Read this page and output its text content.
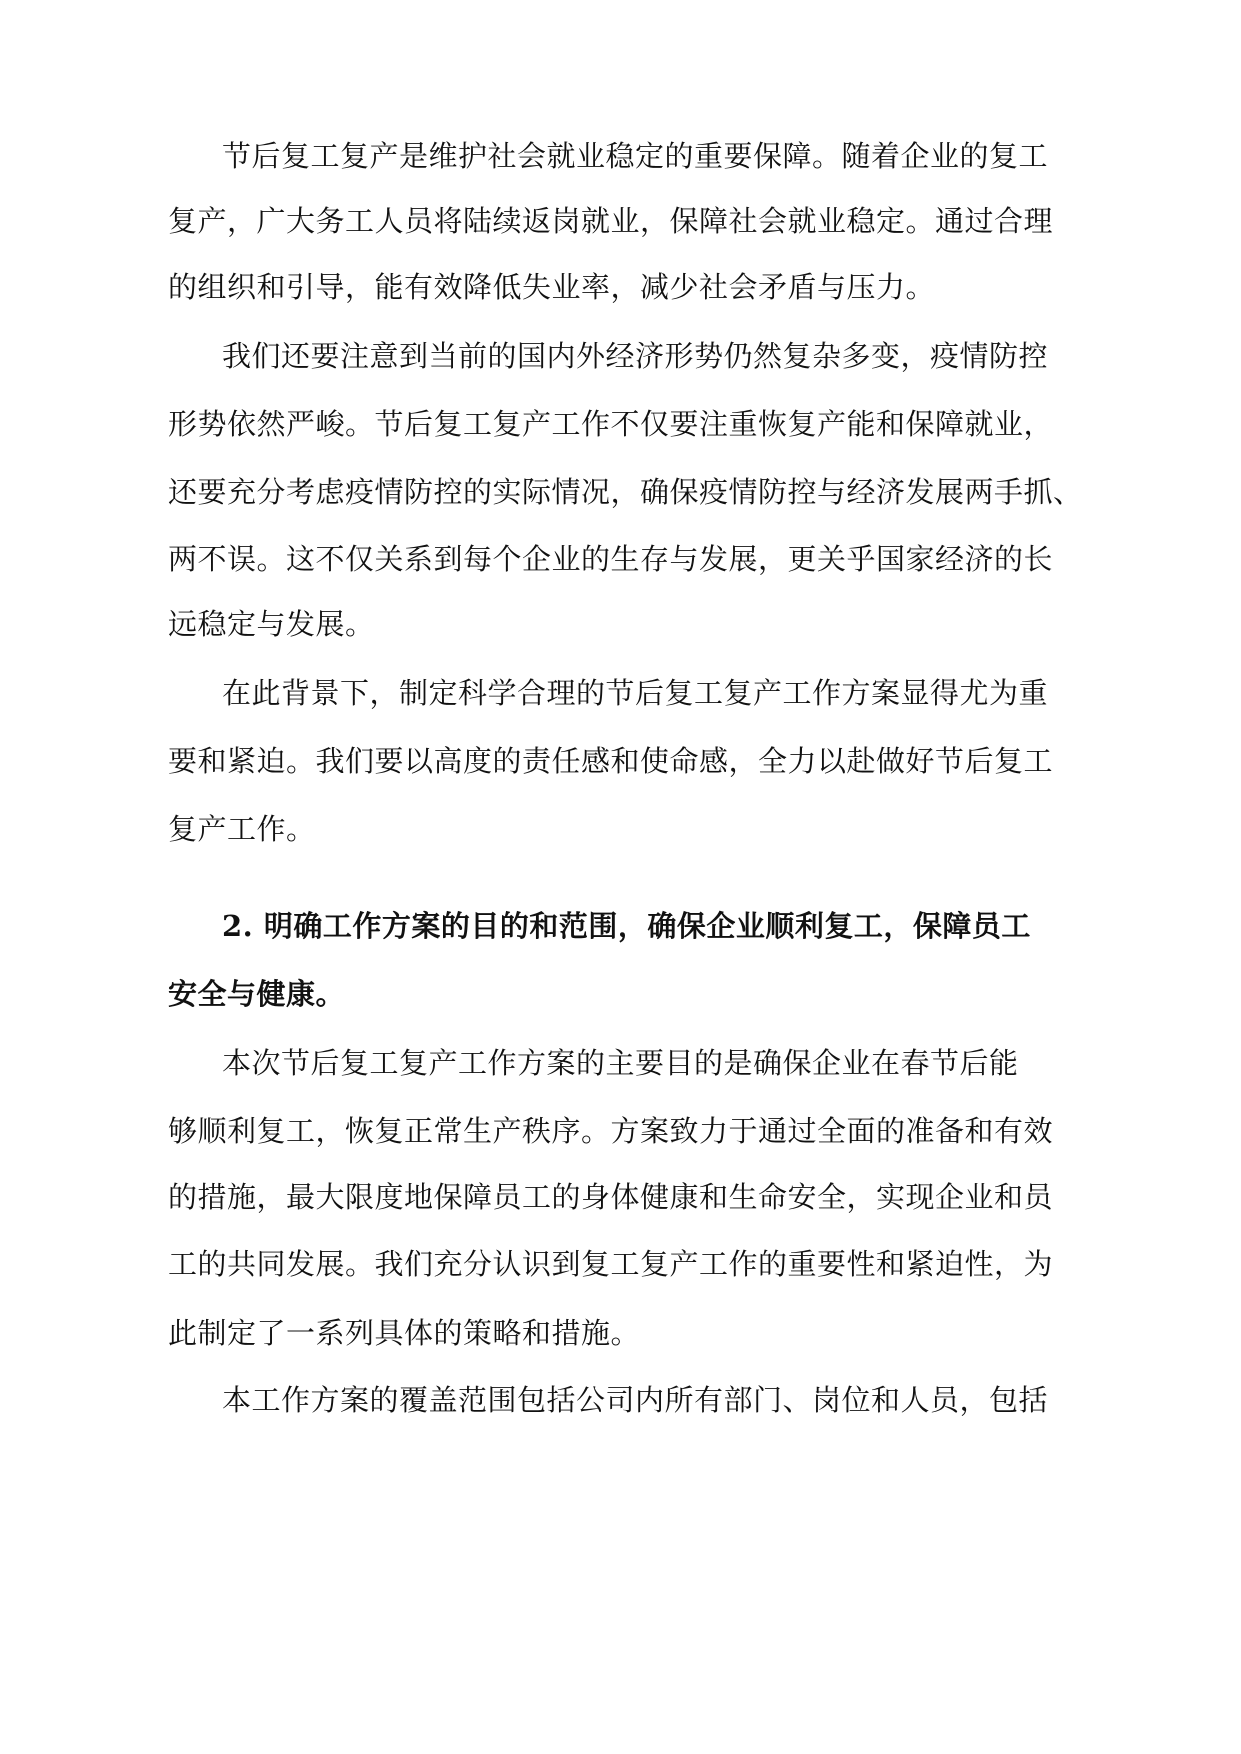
节后复工复产是维护社会就业稳定的重要保障。随着企业的复工
复产，广大务工人员将陆续返岗就业，保障社会就业稳定。通过合理
的组织和引导，能有效降低失业率，减少社会矛盾与压力。
我们还要注意到当前的国内外经济形势仍然复杂多变，疫情防控
形势依然严峻。节后复工复产工作不仅要注重恢复产能和保障就业，
还要充分考虑疫情防控的实际情况，确保疫情防控与经济发展两手抓、
两不误。这不仅关系到每个企业的生存与发展，更关乎国家经济的长
远稳定与发展。
在此背景下，制定科学合理的节后复工复产工作方案显得尤为重
要和紧迫。我们要以高度的责任感和使命感，全力以赴做好节后复工
复产工作。
2. 明确工作方案的目的和范围，确保企业顺利复工，保障员工
安全与健康。
本次节后复工复产工作方案的主要目的是确保企业在春节后能
够顺利复工，恢复正常生产秩序。方案致力于通过全面的准备和有效
的措施，最大限度地保障员工的身体健康和生命安全，实现企业和员
工的共同发展。我们充分认识到复工复产工作的重要性和紧迫性，为
此制定了一系列具体的策略和措施。
本工作方案的覆盖范围包括公司内所有部门、岗位和人员，包括
